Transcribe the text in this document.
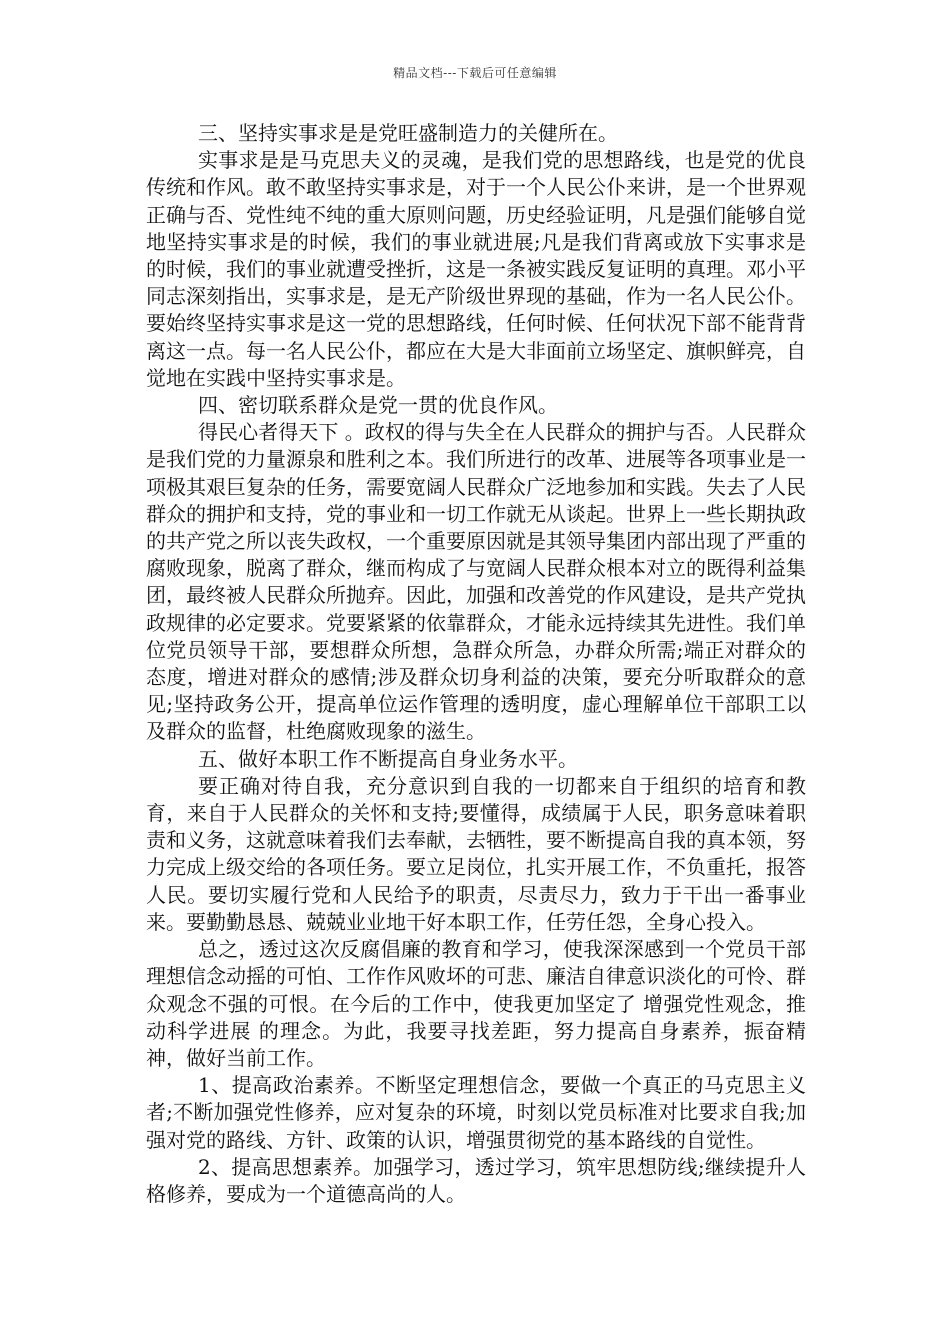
精品文档---下载后可任意编辑

三、坚持实事求是是党旺盛制造力的关健所在。

实事求是是马克思夫义的灵魂，是我们党的思想路线，也是党的优良传统和作风。敢不敢坚持实事求是，对于一个人民公仆来讲，是一个世界观正确与否、党性纯不纯的重大原则问题，历史经验证明，凡是强们能够自觉地坚持实事求是的时候，我们的事业就进展;凡是我们背离或放下实事求是的时候，我们的事业就遭受挫折，这是一条被实践反复证明的真理。邓小平同志深刻指出，实事求是，是无产阶级世界现的基础，作为一名人民公仆。要始终坚持实事求是这一党的思想路线，任何时候、任何状况下部不能背背离这一点。每一名人民公仆，都应在大是大非面前立场坚定、旗帜鲜亮，自觉地在实践中坚持实事求是。

四、密切联系群众是党一贯的优良作风。

得民心者得天下 。政权的得与失全在人民群众的拥护与否。人民群众是我们党的力量源泉和胜利之本。我们所进行的改革、进展等各项事业是一项极其艰巨复杂的任务，需要宽阔人民群众广泛地参加和实践。失去了人民群众的拥护和支持，党的事业和一切工作就无从谈起。世界上一些长期执政的共产党之所以丧失政权，一个重要原因就是其领导集团内部出现了严重的腐败现象，脱离了群众，继而构成了与宽阔人民群众根本对立的既得利益集团，最终被人民群众所抛弃。因此，加强和改善党的作风建设，是共产党执政规律的必定要求。党要紧紧的依靠群众，才能永远持续其先进性。我们单位党员领导干部，要想群众所想，急群众所急，办群众所需;端正对群众的态度，增进对群众的感情;涉及群众切身利益的决策，要充分听取群众的意见;坚持政务公开，提高单位运作管理的透明度，虚心理解单位干部职工以及群众的监督，杜绝腐败现象的滋生。

五、做好本职工作不断提高自身业务水平。

要正确对待自我，充分意识到自我的一切都来自于组织的培育和教育，来自于人民群众的关怀和支持;要懂得，成绩属于人民，职务意味着职责和义务，这就意味着我们去奉献，去牺牲，要不断提高自我的真本领，努力完成上级交给的各项任务。要立足岗位，扎实开展工作，不负重托，报答人民。要切实履行党和人民给予的职责，尽责尽力，致力于干出一番事业来。要勤勤恳恳、兢兢业业地干好本职工作，任劳任怨，全身心投入。

总之，透过这次反腐倡廉的教育和学习，使我深深感到一个党员干部理想信念动摇的可怕、工作作风败坏的可悲、廉洁自律意识淡化的可怜、群众观念不强的可恨。在今后的工作中，使我更加坚定了 增强党性观念，推动科学进展 的理念。为此，我要寻找差距，努力提高自身素养，振奋精神，做好当前工作。

1、提高政治素养。不断坚定理想信念，要做一个真正的马克思主义者;不断加强党性修养，应对复杂的环境，时刻以党员标准对比要求自我;加强对党的路线、方针、政策的认识，增强贯彻党的基本路线的自觉性。

2、提高思想素养。加强学习，透过学习，筑牢思想防线;继续提升人格修养，要成为一个道德高尚的人。
